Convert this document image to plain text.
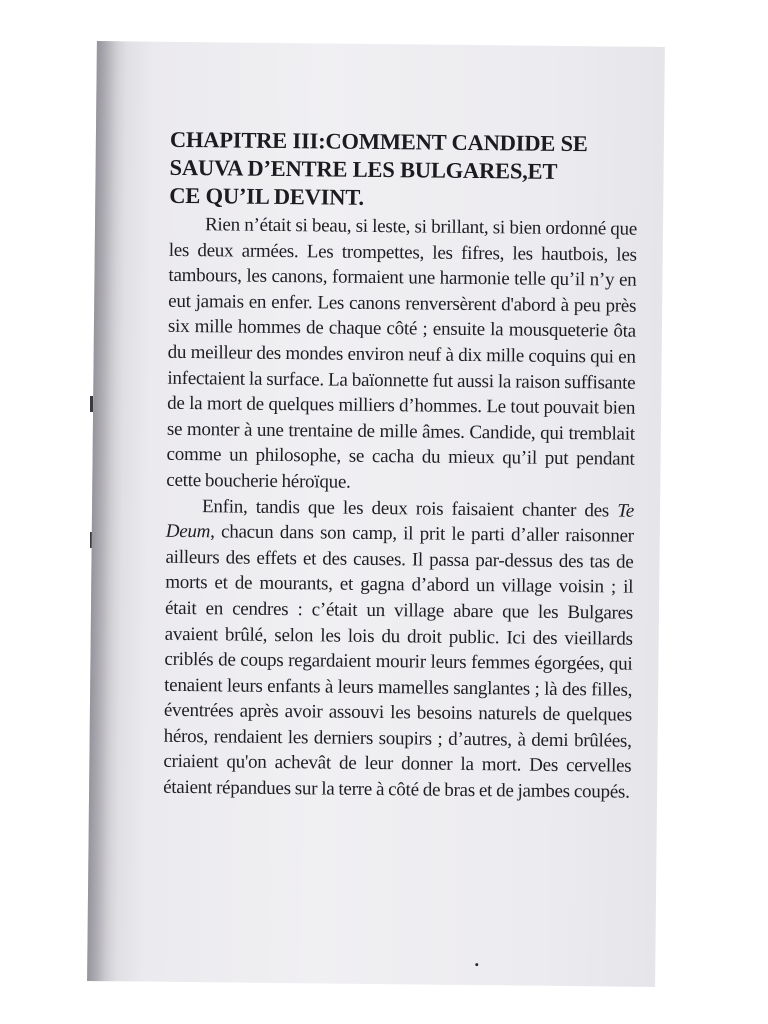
CHAPITRE III:COMMENT CANDIDE SE
SAUVA D’ENTRE LES BULGARES,ET
CE QU’IL DEVINT.

Rien n’était si beau, si leste, si brillant, si bien ordonné que les deux armées. Les trompettes, les fifres, les hautbois, les tambours, les canons, formaient une harmonie telle qu’il n’y en eut jamais en enfer. Les canons renversèrent d'abord à peu près six mille hommes de chaque côté ; ensuite la mousqueterie ôta du meilleur des mondes environ neuf à dix mille coquins qui en infectaient la surface. La baïonnette fut aussi la raison suffisante de la mort de quelques milliers d’hommes. Le tout pouvait bien se monter à une trentaine de mille âmes. Candide, qui tremblait comme un philosophe, se cacha du mieux qu’il put pendant cette boucherie héroïque.

Enfin, tandis que les deux rois faisaient chanter des Te Deum, chacun dans son camp, il prit le parti d’aller raisonner ailleurs des effets et des causes. Il passa par-dessus des tas de morts et de mourants, et gagna d’abord un village voisin ; il était en cendres : c’était un village abare que les Bulgares avaient brûlé, selon les lois du droit public. Ici des vieillards criblés de coups regardaient mourir leurs femmes égorgées, qui tenaient leurs enfants à leurs mamelles sanglantes ; là des filles, éventrées après avoir assouvi les besoins naturels de quelques héros, rendaient les derniers soupirs ; d’autres, à demi brûlées, criaient qu'on achevât de leur donner la mort. Des cervelles étaient répandues sur la terre à côté de bras et de jambes coupés.
